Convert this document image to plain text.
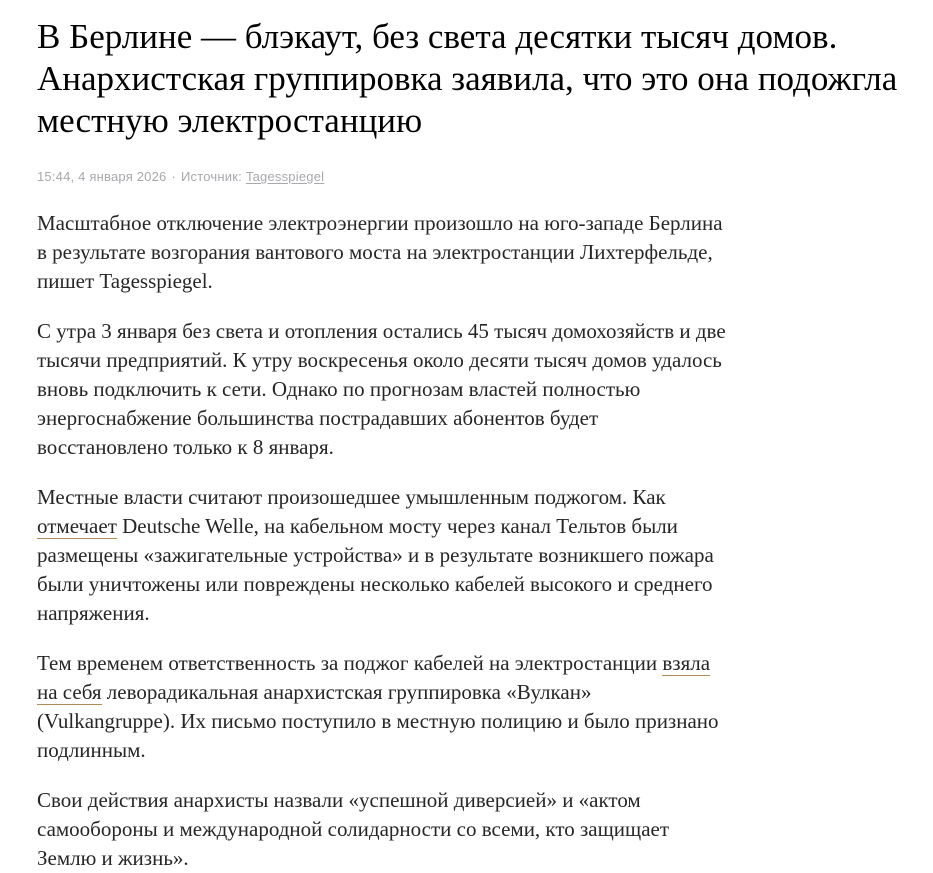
В Берлине — блэкаут, без света десятки тысяч домов. Анархистская группировка заявила, что это она подожгла местную электростанцию
15:44, 4 января 2026 · Источник: Tagesspiegel

Масштабное отключение электроэнергии произошло на юго-западе Берлина в результате возгорания вантового моста на электростанции Лихтерфельде, пишет Tagesspiegel.

С утра 3 января без света и отопления остались 45 тысяч домохозяйств и две тысячи предприятий. К утру воскресенья около десяти тысяч домов удалось вновь подключить к сети. Однако по прогнозам властей полностью энергоснабжение большинства пострадавших абонентов будет восстановлено только к 8 января.

Местные власти считают произошедшее умышленным поджогом. Как отмечает Deutsche Welle, на кабельном мосту через канал Тельтов были размещены «зажигательные устройства» и в результате возникшего пожара были уничтожены или повреждены несколько кабелей высокого и среднего напряжения.

Тем временем ответственность за поджог кабелей на электростанции взяла на себя леворадикальная анархистская группировка «Вулкан» (Vulkangruppe). Их письмо поступило в местную полицию и было признано подлинным.

Свои действия анархисты назвали «успешной диверсией» и «актом самообороны и международной солидарности со всеми, кто защищает Землю и жизнь».
